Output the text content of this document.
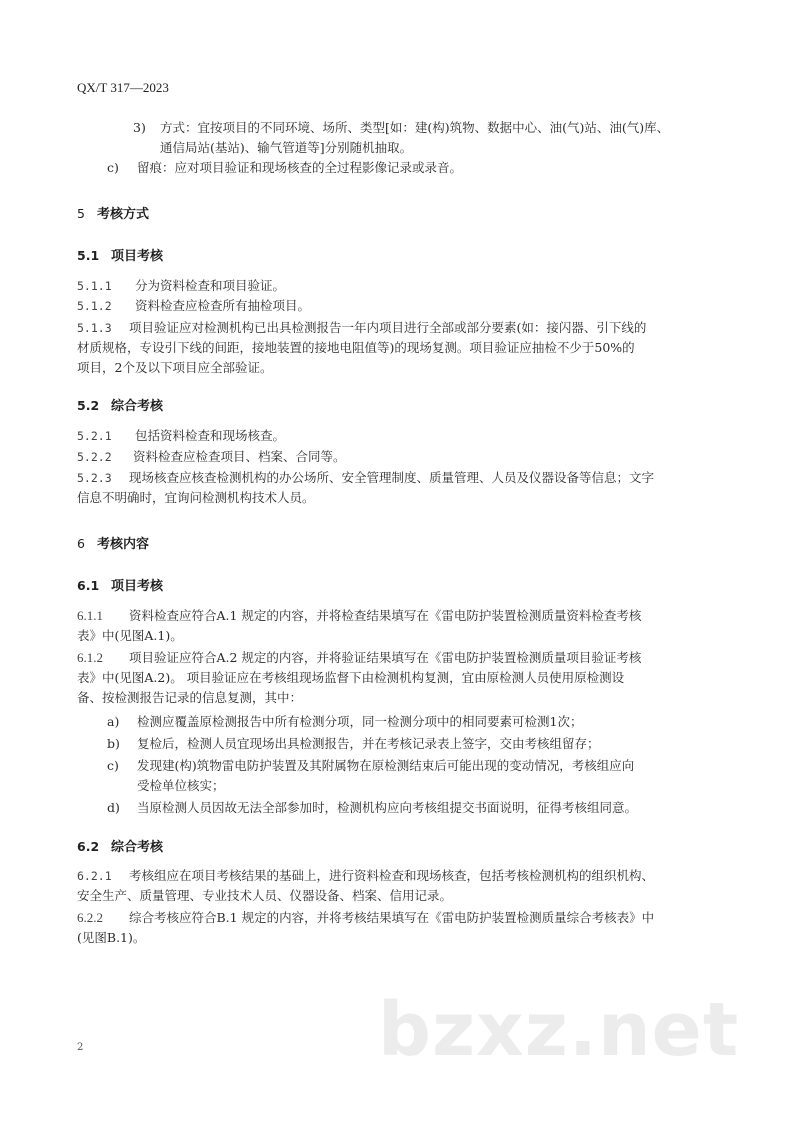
QX/T 317—2023
3)	方式：宜按项目的不同环境、场所、类型[如：建(构)筑物、数据中心、油(气)站、油(气)库、
通信局站(基站)、输气管道等]分别随机抽取。
c)	留痕：应对项目验证和现场核查的全过程影像记录或录音。
5 考核方式
5.1 项目考核
5.1.1 分为资料检查和项目验证。
5.1.2 资料检查应检查所有抽检项目。
5.1.3 项目验证应对检测机构已出具检测报告一年内项目进行全部或部分要素(如：接闪器、引下线的
材质规格，专设引下线的间距，接地装置的接地电阻值等)的现场复测。项目验证应抽检不少于50%的
项目，2个及以下项目应全部验证。
5.2 综合考核
5.2.1 包括资料检查和现场核查。
5.2.2 资料检查应检查项目、档案、合同等。
5.2.3 现场核查应核查检测机构的办公场所、安全管理制度、质量管理、人员及仪器设备等信息；文字
信息不明确时，宜询问检测机构技术人员。
6 考核内容
6.1 项目考核
6.1.1 资料检查应符合A.1 规定的内容，并将检查结果填写在《雷电防护装置检测质量资料检查考核
表》中(见图A.1)。
6.1.2 项目验证应符合A.2 规定的内容，并将验证结果填写在《雷电防护装置检测质量项目验证考核
表》中(见图A.2)。 项目验证应在考核组现场监督下由检测机构复测，宜由原检测人员使用原检测设
备、按检测报告记录的信息复测，其中：
a)	检测应覆盖原检测报告中所有检测分项，同一检测分项中的相同要素可检测1次；
b)	复检后，检测人员宜现场出具检测报告，并在考核记录表上签字，交由考核组留存；
c)	发现建(构)筑物雷电防护装置及其附属物在原检测结束后可能出现的变动情况，考核组应向
受检单位核实；
d)	当原检测人员因故无法全部参加时，检测机构应向考核组提交书面说明，征得考核组同意。
6.2 综合考核
6.2.1 考核组应在项目考核结果的基础上，进行资料检查和现场核查，包括考核检测机构的组织机构、
安全生产、质量管理、专业技术人员、仪器设备、档案、信用记录。
6.2.2 综合考核应符合B.1 规定的内容，并将考核结果填写在《雷电防护装置检测质量综合考核表》中
(见图B.1)。
2	bzxz.net
